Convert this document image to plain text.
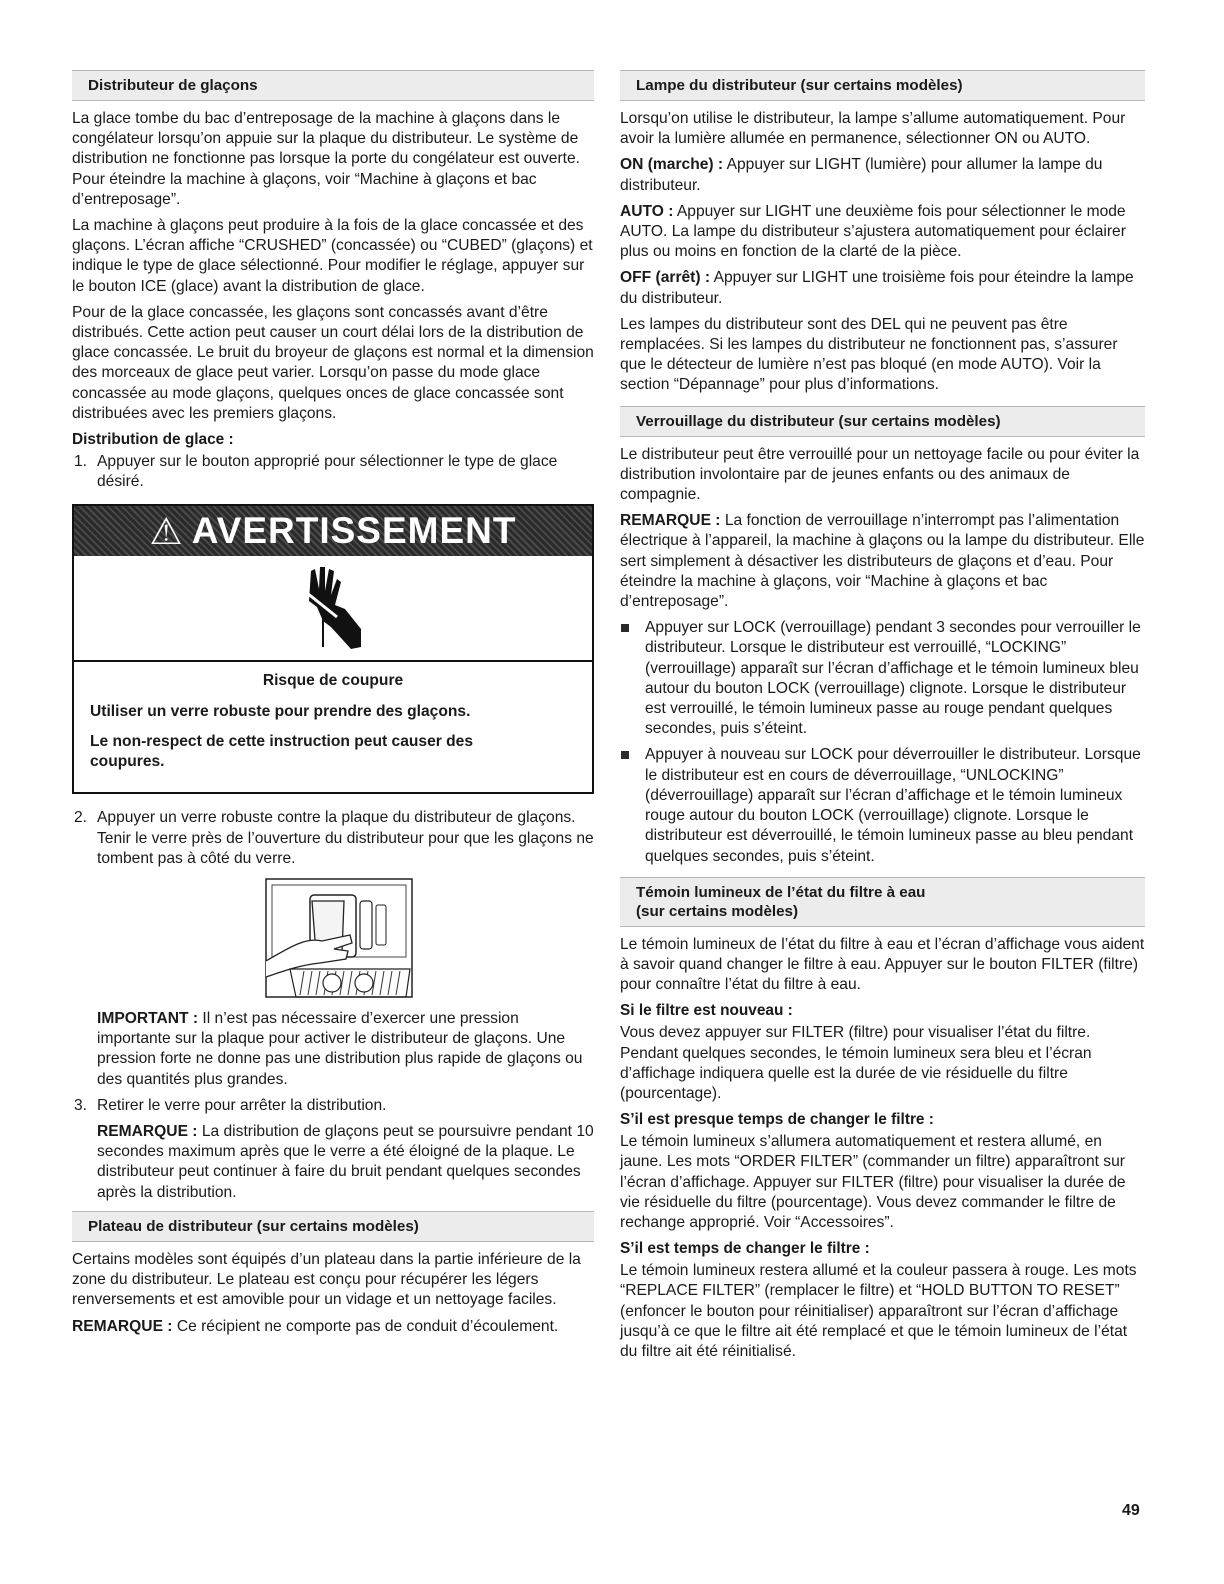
Distributeur de glaçons

La glace tombe du bac d’entreposage de la machine à glaçons dans le congélateur lorsqu’on appuie sur la plaque du distributeur. Le système de distribution ne fonctionne pas lorsque la porte du congélateur est ouverte. Pour éteindre la machine à glaçons, voir “Machine à glaçons et bac d’entreposage”.

La machine à glaçons peut produire à la fois de la glace concassée et des glaçons. L’écran affiche “CRUSHED” (concassée) ou “CUBED” (glaçons) et indique le type de glace sélectionné. Pour modifier le réglage, appuyer sur le bouton ICE (glace) avant la distribution de glace.

Pour de la glace concassée, les glaçons sont concassés avant d’être distribués. Cette action peut causer un court délai lors de la distribution de glace concassée. Le bruit du broyeur de glaçons est normal et la dimension des morceaux de glace peut varier. Lorsqu’on passe du mode glace concassée au mode glaçons, quelques onces de glace concassée sont distribuées avec les premiers glaçons.

Distribution de glace :
1. Appuyer sur le bouton approprié pour sélectionner le type de glace désiré.
⚠ AVERTISSEMENT
Risque de coupure
Utiliser un verre robuste pour prendre des glaçons.
Le non-respect de cette instruction peut causer des coupures.
2. Appuyer un verre robuste contre la plaque du distributeur de glaçons. Tenir le verre près de l’ouverture du distributeur pour que les glaçons ne tombent pas à côté du verre.

IMPORTANT : Il n’est pas nécessaire d’exercer une pression importante sur la plaque pour activer le distributeur de glaçons. Une pression forte ne donne pas une distribution plus rapide de glaçons ou des quantités plus grandes.

3. Retirer le verre pour arrêter la distribution.

REMARQUE : La distribution de glaçons peut se poursuivre pendant 10 secondes maximum après que le verre a été éloigné de la plaque. Le distributeur peut continuer à faire du bruit pendant quelques secondes après la distribution.

Plateau de distributeur (sur certains modèles)

Certains modèles sont équipés d’un plateau dans la partie inférieure de la zone du distributeur. Le plateau est conçu pour récupérer les légers renversements et est amovible pour un vidage et un nettoyage faciles.

REMARQUE : Ce récipient ne comporte pas de conduit d’écoulement.

Lampe du distributeur (sur certains modèles)

Lorsqu’on utilise le distributeur, la lampe s’allume automatiquement. Pour avoir la lumière allumée en permanence, sélectionner ON ou AUTO.

ON (marche) : Appuyer sur LIGHT (lumière) pour allumer la lampe du distributeur.

AUTO : Appuyer sur LIGHT une deuxième fois pour sélectionner le mode AUTO. La lampe du distributeur s’ajustera automatiquement pour éclairer plus ou moins en fonction de la clarté de la pièce.

OFF (arrêt) : Appuyer sur LIGHT une troisième fois pour éteindre la lampe du distributeur.

Les lampes du distributeur sont des DEL qui ne peuvent pas être remplacées. Si les lampes du distributeur ne fonctionnent pas, s’assurer que le détecteur de lumière n’est pas bloqué (en mode AUTO). Voir la section “Dépannage” pour plus d’informations.

Verrouillage du distributeur (sur certains modèles)

Le distributeur peut être verrouillé pour un nettoyage facile ou pour éviter la distribution involontaire par de jeunes enfants ou des animaux de compagnie.

REMARQUE : La fonction de verrouillage n’interrompt pas l’alimentation électrique à l’appareil, la machine à glaçons ou la lampe du distributeur. Elle sert simplement à désactiver les distributeurs de glaçons et d’eau. Pour éteindre la machine à glaçons, voir “Machine à glaçons et bac d’entreposage”.

Appuyer sur LOCK (verrouillage) pendant 3 secondes pour verrouiller le distributeur. Lorsque le distributeur est verrouillé, “LOCKING” (verrouillage) apparaît sur l’écran d’affichage et le témoin lumineux bleu autour du bouton LOCK (verrouillage) clignote. Lorsque le distributeur est verrouillé, le témoin lumineux passe au rouge pendant quelques secondes, puis s’éteint.
Appuyer à nouveau sur LOCK pour déverrouiller le distributeur. Lorsque le distributeur est en cours de déverrouillage, “UNLOCKING” (déverrouillage) apparaît sur l’écran d’affichage et le témoin lumineux rouge autour du bouton LOCK (verrouillage) clignote. Lorsque le distributeur est déverrouillé, le témoin lumineux passe au bleu pendant quelques secondes, puis s’éteint.
Témoin lumineux de l’état du filtre à eau
(sur certains modèles)

Le témoin lumineux de l’état du filtre à eau et l’écran d’affichage vous aident à savoir quand changer le filtre à eau. Appuyer sur le bouton FILTER (filtre) pour connaître l’état du filtre à eau.

Si le filtre est nouveau :

Vous devez appuyer sur FILTER (filtre) pour visualiser l’état du filtre. Pendant quelques secondes, le témoin lumineux sera bleu et l’écran d’affichage indiquera quelle est la durée de vie résiduelle du filtre (pourcentage).

S’il est presque temps de changer le filtre :

Le témoin lumineux s’allumera automatiquement et restera allumé, en jaune. Les mots “ORDER FILTER” (commander un filtre) apparaîtront sur l’écran d’affichage. Appuyer sur FILTER (filtre) pour visualiser la durée de vie résiduelle du filtre (pourcentage). Vous devez commander le filtre de rechange approprié. Voir “Accessoires”.

S’il est temps de changer le filtre :

Le témoin lumineux restera allumé et la couleur passera à rouge. Les mots “REPLACE FILTER” (remplacer le filtre) et “HOLD BUTTON TO RESET” (enfoncer le bouton pour réinitialiser) apparaîtront sur l’écran d’affichage jusqu’à ce que le filtre ait été remplacé et que le témoin lumineux de l’état du filtre ait été réinitialisé.

49
